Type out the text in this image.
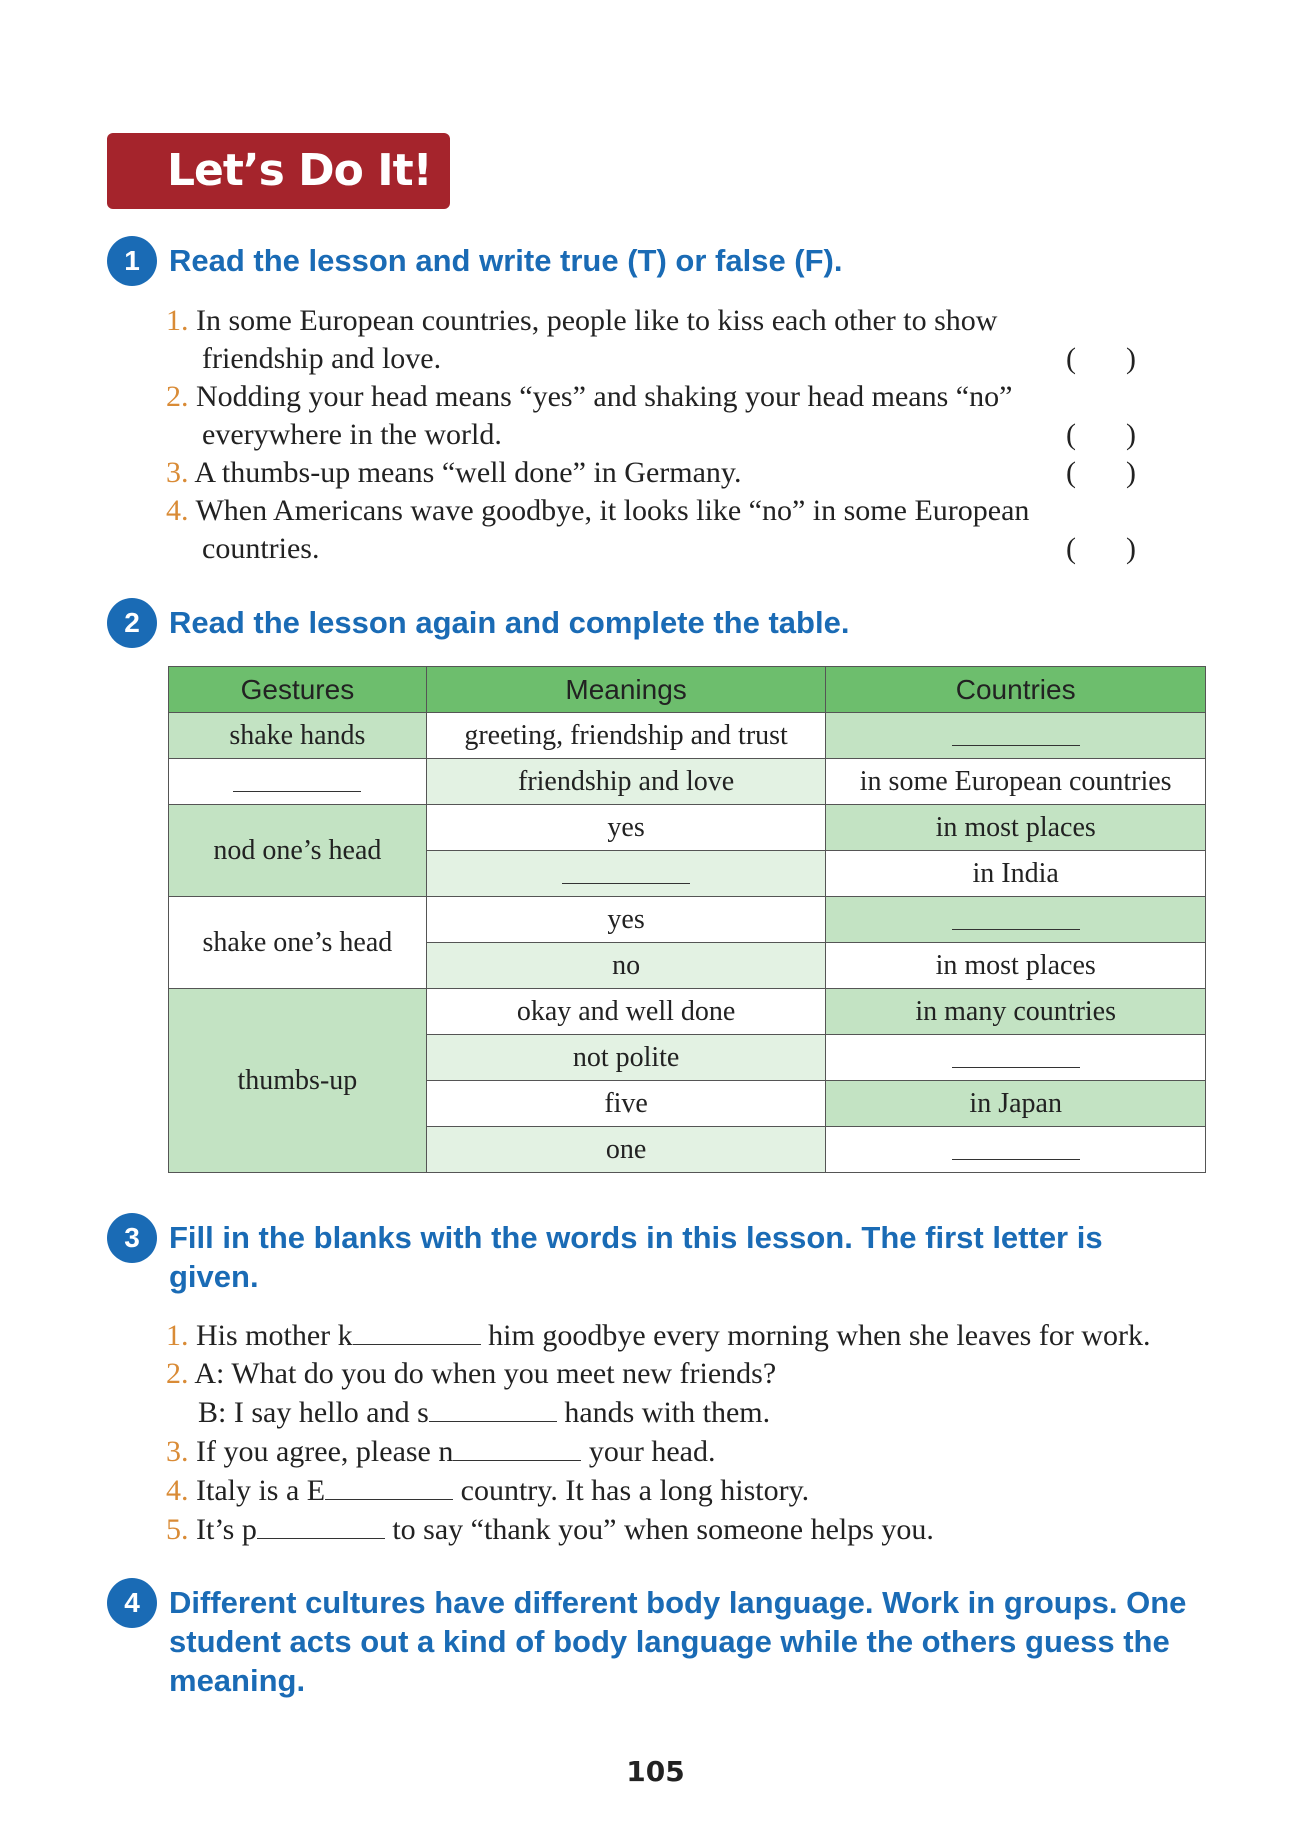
Let’s Do It!
1 Read the lesson and write true (T) or false (F).
1. In some European countries, people like to kiss each other to show
friendship and love.	( )
2. Nodding your head means “yes” and shaking your head means “no”
everywhere in the world.	( )
3. A thumbs-up means “well done” in Germany.	( )
4. When Americans wave goodbye, it looks like “no” in some European
countries.	( )
2 Read the lesson again and complete the table.
Gestures	Meanings	Countries
shake hands	greeting, friendship and trust	
	friendship and love	in some European countries
nod one’s head	yes	in most places
		in India
shake one’s head	yes	
	no	in most places
thumbs-up	okay and well done	in many countries
	not polite	
	five	in Japan
	one	
3 Fill in the blanks with the words in this lesson. The first letter is given.
1. His mother k	him goodbye every morning when she leaves for work.
2. A: What do you do when you meet new friends?
B: I say hello and s	hands with them.
3. If you agree, please n	your head.
4. Italy is a E	country. It has a long history.
5. It’s p	to say “thank you” when someone helps you.
4 Different cultures have different body language. Work in groups. One student acts out a kind of body language while the others guess the meaning.
105
